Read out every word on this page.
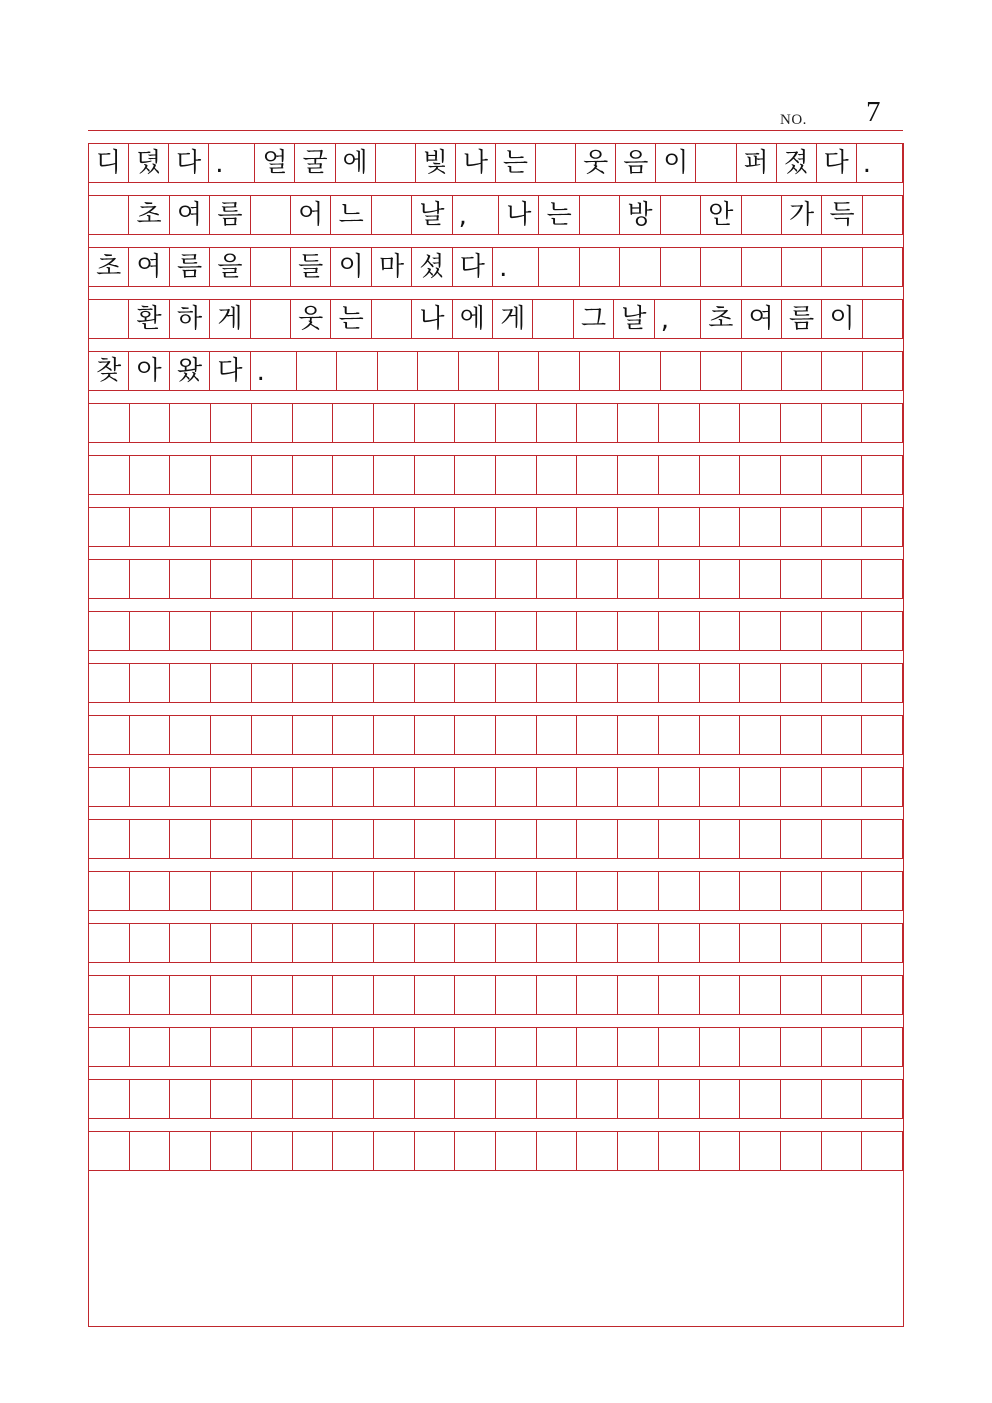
NO. 7
디 뎠 다 .	얼 굴 에	빛 나 는	웃 음 이	퍼 졌 다 .
초 여 름	어 느	날 ,	나 는	방	안	가 득
초 여 름 을	들 이 마 셨 다 .
환 하 게	웃 는	나 에 게	그 날 ,	초 여 름 이
찾 아 왔 다 .
